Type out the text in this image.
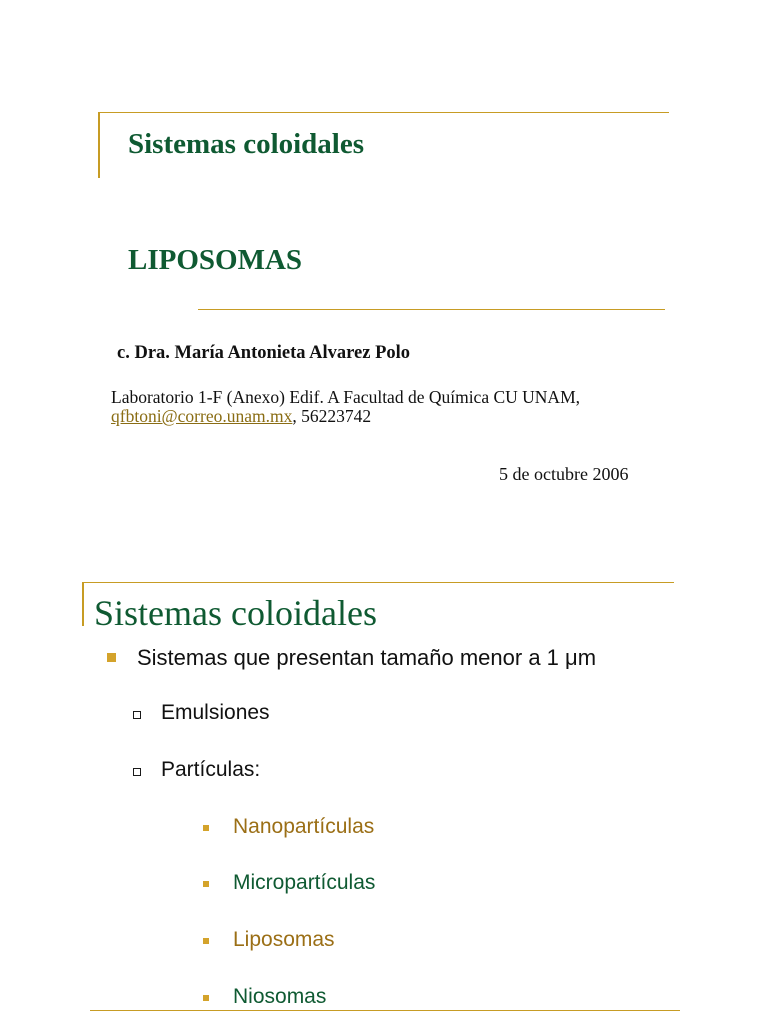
Sistemas coloidales
LIPOSOMAS
c. Dra. María Antonieta Alvarez Polo
Laboratorio 1-F (Anexo) Edif. A Facultad de Química CU UNAM,
qfbtoni@correo.unam.mx, 56223742
5 de octubre 2006
Sistemas coloidales
Sistemas que presentan tamaño menor a 1 μm
Emulsiones
Partículas:
Nanopartículas
Micropartículas
Liposomas
Niosomas
